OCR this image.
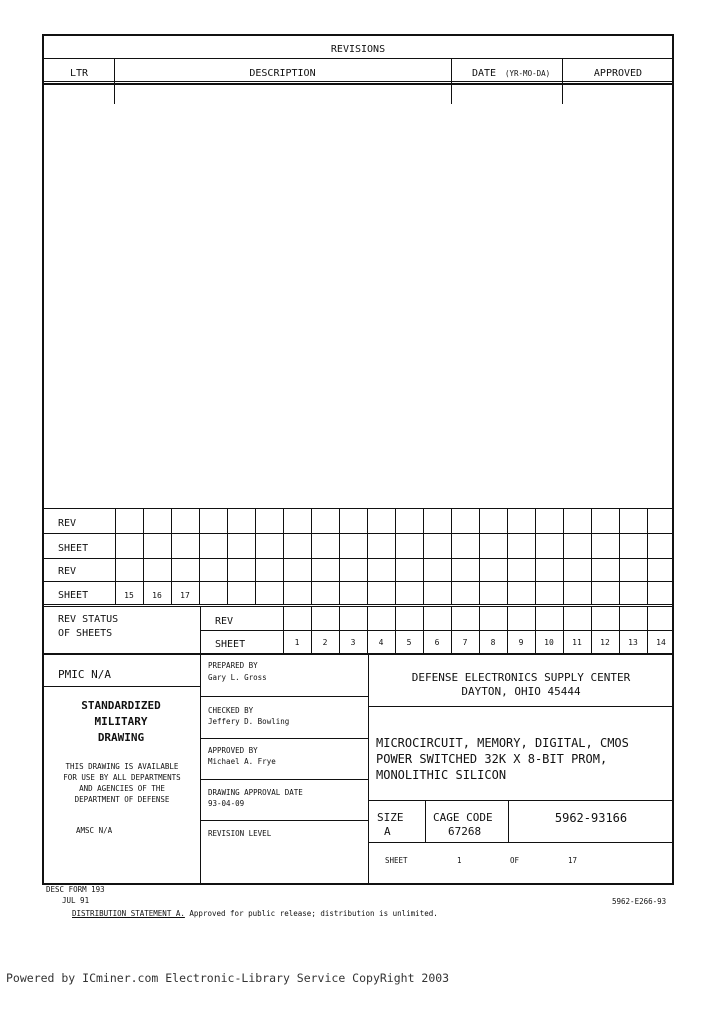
REVISIONS
LTR	DESCRIPTION	DATE (YR-MO-DA)	APPROVED
REV
SHEET
REV
SHEET	15	16	17
REV STATUS
OF SHEETS
REV
SHEET	1	2	3	4	5	6	7	8	9	10	11	12	13	14
PMIC N/A
STANDARDIZED
MILITARY
DRAWING
THIS DRAWING IS AVAILABLE
FOR USE BY ALL DEPARTMENTS
AND AGENCIES OF THE
DEPARTMENT OF DEFENSE
AMSC N/A
PREPARED BY
Gary L. Gross
CHECKED BY
Jeffery D. Bowling
APPROVED BY
Michael A. Frye
DRAWING APPROVAL DATE
93-04-09
REVISION LEVEL
DEFENSE ELECTRONICS SUPPLY CENTER
DAYTON, OHIO 45444
MICROCIRCUIT, MEMORY, DIGITAL, CMOS
POWER SWITCHED 32K X 8-BIT PROM,
MONOLITHIC SILICON
SIZE
A
CAGE CODE
67268
5962-93166
SHEET	1	OF	17
DESC FORM 193
JUL 91
DISTRIBUTION STATEMENT A. Approved for public release; distribution is unlimited.
5962-E266-93
Powered by ICminer.com Electronic-Library Service CopyRight 2003
